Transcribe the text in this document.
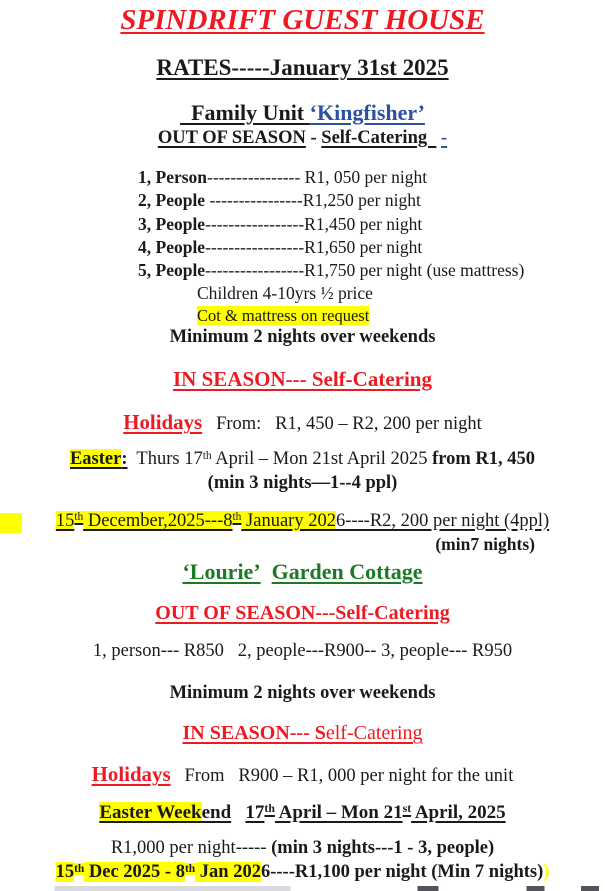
SPINDRIFT GUEST HOUSE
RATES-----January 31st 2025
Family Unit ‘Kingfisher’
OUT OF SEASON - Self-Catering   -
1, Person---------------- R1, 050 per night
2, People ----------------R1,250 per night
3, People-----------------R1,450 per night
4, People-----------------R1,650 per night
5, People-----------------R1,750 per night (use mattress)
Children 4-10yrs ½ price
Cot & mattress on request
Minimum 2 nights over weekends
IN SEASON--- Self-Catering
Holidays   From:   R1, 450 – R2, 200 per night
Easter:  Thurs 17th April – Mon 21st April 2025 from R1, 450
(min 3 nights—1--4 ppl)
15th December,2025---8th January 2026----R2, 200 per night (4ppl)
(min7 nights)
‘Lourie’ Garden Cottage
OUT OF SEASON---Self-Catering
1, person--- R850   2, people---R900-- 3, people--- R950
Minimum 2 nights over weekends
IN SEASON--- Self-Catering
Holidays   From   R900 – R1, 000 per night for the unit
Easter Weekend 17th April – Mon 21st April, 2025
R1,000 per night----- (min 3 nights---1 - 3, people)
15th Dec 2025 - 8th Jan 2026----R1,100 per night (Min 7 nights))
